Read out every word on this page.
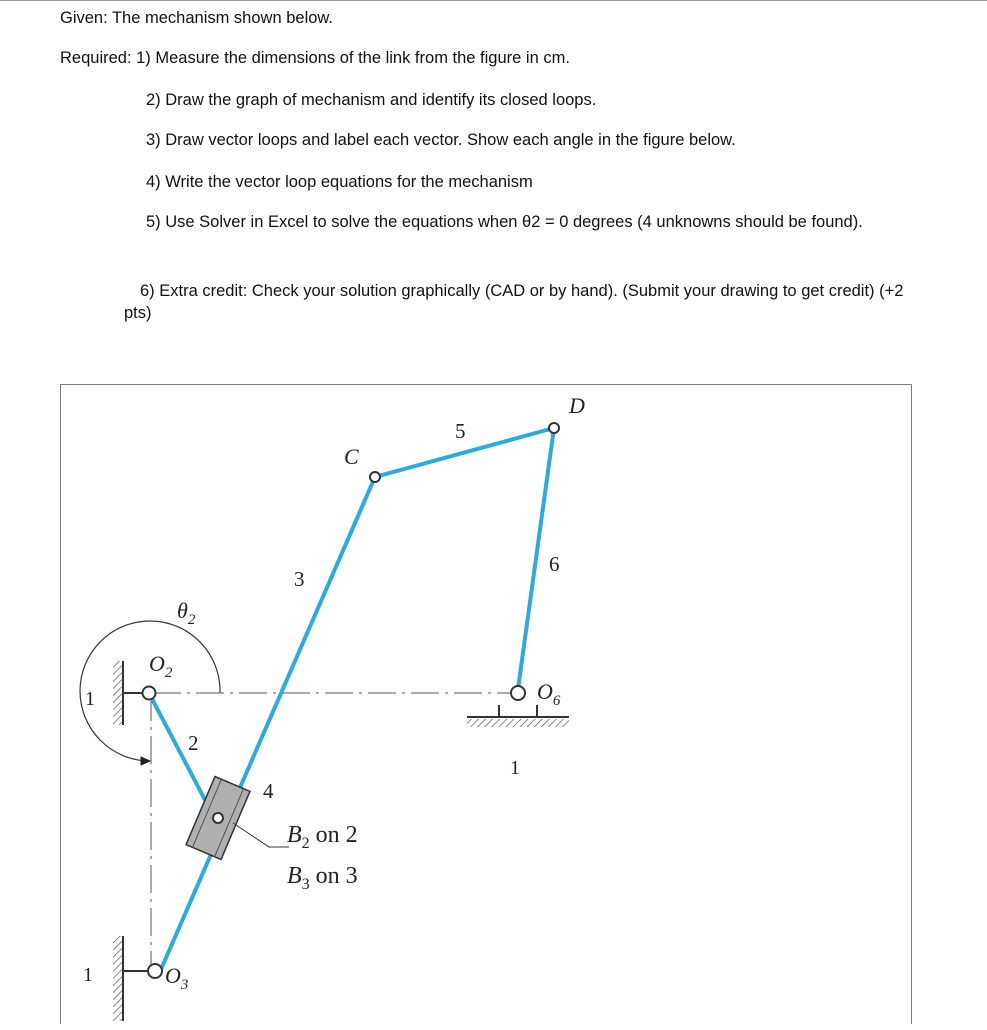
Given: The mechanism shown below.
Required: 1) Measure the dimensions of the link from the figure in cm.
2) Draw the graph of mechanism and identify its closed loops.
3) Draw vector loops and label each vector. Show each angle in the figure below.
4) Write the vector loop equations for the mechanism
5) Use Solver in Excel to solve the equations when θ2 = 0 degrees (4 unknowns should be found).
6) Extra credit: Check your solution graphically (CAD or by hand). (Submit your drawing to get credit) (+2 pts)
D
C
5
6
3
$\theta_2$
$O_2$
$O_6$
$O_3$
1
1
1
2
4
$B_2$ on 2
$B_3$ on 3
